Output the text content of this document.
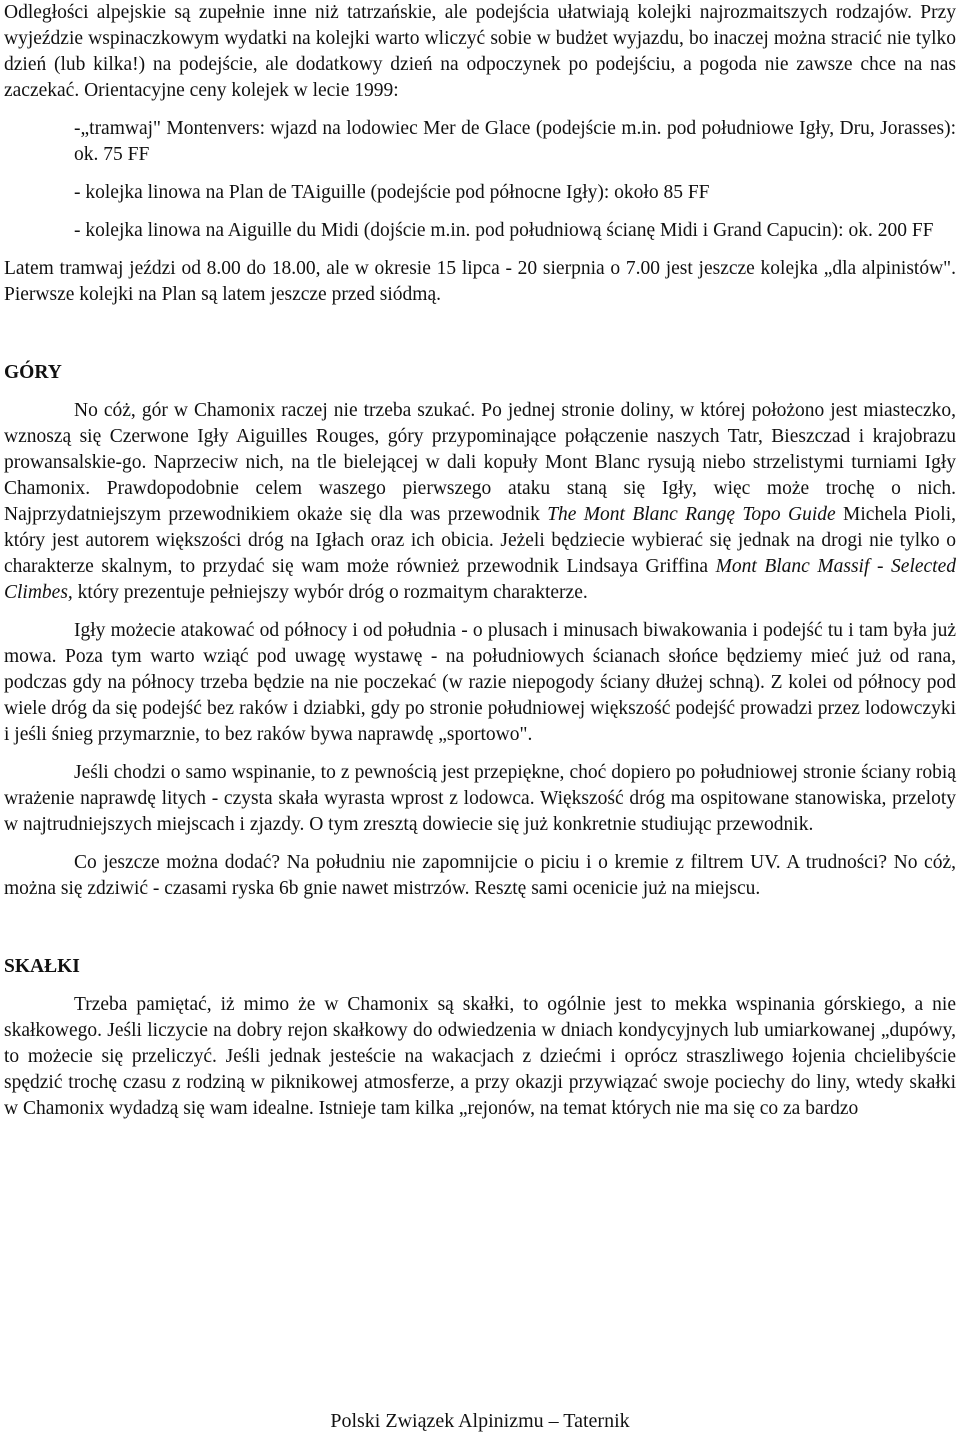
Odległości alpejskie są zupełnie inne niż tatrzańskie, ale podejścia ułatwiają kolejki najrozmaitszych rodzajów. Przy wyjeździe wspinaczkowym wydatki na kolejki warto wliczyć sobie w budżet wyjazdu, bo inaczej można stracić nie tylko dzień (lub kilka!) na podejście, ale dodatkowy dzień na odpoczynek po podejściu, a pogoda nie zawsze chce na nas zaczekać. Orientacyjne ceny kolejek w lecie 1999:

-„tramwaj" Montenvers: wjazd na lodowiec Mer de Glace (podejście m.in. pod południowe Igły, Dru, Jorasses): ok. 75 FF

- kolejka linowa na Plan de TAiguille (podejście pod północne Igły): około 85 FF

- kolejka linowa na Aiguille du Midi (dojście m.in. pod południową ścianę Midi i Grand Capucin): ok. 200 FF

Latem tramwaj jeździ od 8.00 do 18.00, ale w okresie 15 lipca - 20 sierpnia o 7.00 jest jeszcze kolejka „dla alpinistów". Pierwsze kolejki na Plan są latem jeszcze przed siódmą.

GÓRY

No cóż, gór w Chamonix raczej nie trzeba szukać. Po jednej stronie doliny, w której położono jest miasteczko, wznoszą się Czerwone Igły Aiguilles Rouges, góry przypominające połączenie naszych Tatr, Bieszczad i krajobrazu prowansalskie-go. Naprzeciw nich, na tle bielejącej w dali kopuły Mont Blanc rysują niebo strzelistymi turniami Igły Chamonix. Prawdopodobnie celem waszego pierwszego ataku staną się Igły, więc może trochę o nich. Najprzydatniejszym przewodnikiem okaże się dla was przewodnik The Mont Blanc Rangę Topo Guide Michela Pioli, który jest autorem większości dróg na Igłach oraz ich obicia. Jeżeli będziecie wybierać się jednak na drogi nie tylko o charakterze skalnym, to przydać się wam może również przewodnik Lindsaya Griffina Mont Blanc Massif - Selected Climbes, który prezentuje pełniejszy wybór dróg o rozmaitym charakterze.

Igły możecie atakować od północy i od południa - o plusach i minusach biwakowania i podejść tu i tam była już mowa. Poza tym warto wziąć pod uwagę wystawę - na południowych ścianach słońce będziemy mieć już od rana, podczas gdy na północy trzeba będzie na nie poczekać (w razie niepogody ściany dłużej schną). Z kolei od północy pod wiele dróg da się podejść bez raków i dziabki, gdy po stronie południowej większość podejść prowadzi przez lodowczyki i jeśli śnieg przymarznie, to bez raków bywa naprawdę „sportowo".

Jeśli chodzi o samo wspinanie, to z pewnością jest przepiękne, choć dopiero po południowej stronie ściany robią wrażenie naprawdę litych - czysta skała wyrasta wprost z lodowca. Większość dróg ma ospitowane stanowiska, przeloty w najtrudniejszych miejscach i zjazdy. O tym zresztą dowiecie się już konkretnie studiując przewodnik.

Co jeszcze można dodać? Na południu nie zapomnijcie o piciu i o kremie z filtrem UV. A trudności? No cóż, można się zdziwić - czasami ryska 6b gnie nawet mistrzów. Resztę sami ocenicie już na miejscu.

SKAŁKI

Trzeba pamiętać, iż mimo że w Chamonix są skałki, to ogólnie jest to mekka wspinania górskiego, a nie skałkowego. Jeśli liczycie na dobry rejon skałkowy do odwiedzenia w dniach kondycyjnych lub umiarkowanej „dupówy, to możecie się przeliczyć. Jeśli jednak jesteście na wakacjach z dziećmi i oprócz straszliwego łojenia chcielibyście spędzić trochę czasu z rodziną w piknikowej atmosferze, a przy okazji przywiązać swoje pociechy do liny, wtedy skałki w Chamonix wydadzą się wam idealne. Istnieje tam kilka „rejonów, na temat których nie ma się co za bardzo

Polski Związek Alpinizmu – Taternik
